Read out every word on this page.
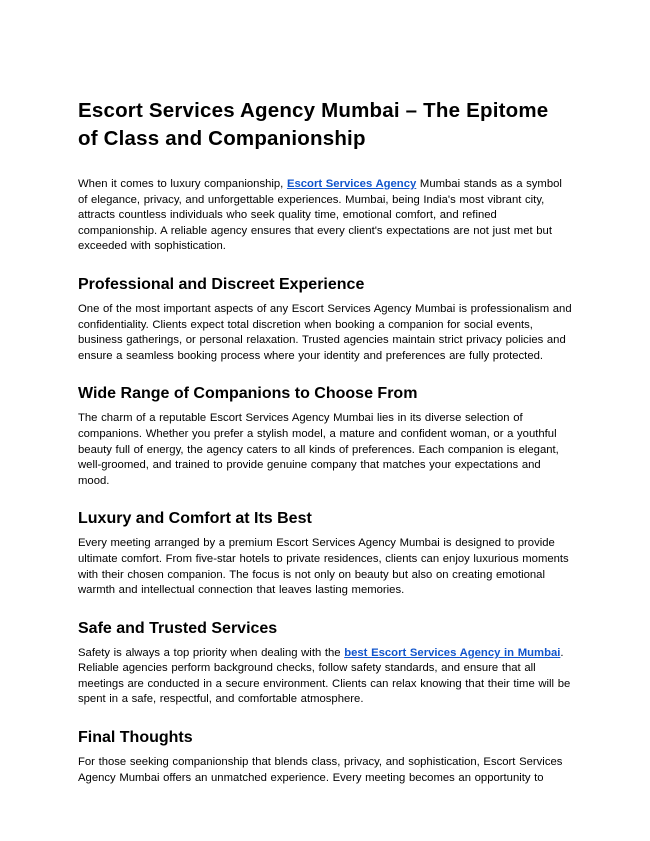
Escort Services Agency Mumbai – The Epitome of Class and Companionship

When it comes to luxury companionship, Escort Services Agency Mumbai stands as a symbol of elegance, privacy, and unforgettable experiences. Mumbai, being India's most vibrant city, attracts countless individuals who seek quality time, emotional comfort, and refined companionship. A reliable agency ensures that every client's expectations are not just met but exceeded with sophistication.

Professional and Discreet Experience

One of the most important aspects of any Escort Services Agency Mumbai is professionalism and confidentiality. Clients expect total discretion when booking a companion for social events, business gatherings, or personal relaxation. Trusted agencies maintain strict privacy policies and ensure a seamless booking process where your identity and preferences are fully protected.

Wide Range of Companions to Choose From

The charm of a reputable Escort Services Agency Mumbai lies in its diverse selection of companions. Whether you prefer a stylish model, a mature and confident woman, or a youthful beauty full of energy, the agency caters to all kinds of preferences. Each companion is elegant, well-groomed, and trained to provide genuine company that matches your expectations and mood.

Luxury and Comfort at Its Best

Every meeting arranged by a premium Escort Services Agency Mumbai is designed to provide ultimate comfort. From five-star hotels to private residences, clients can enjoy luxurious moments with their chosen companion. The focus is not only on beauty but also on creating emotional warmth and intellectual connection that leaves lasting memories.

Safe and Trusted Services

Safety is always a top priority when dealing with the best Escort Services Agency in Mumbai. Reliable agencies perform background checks, follow safety standards, and ensure that all meetings are conducted in a secure environment. Clients can relax knowing that their time will be spent in a safe, respectful, and comfortable atmosphere.

Final Thoughts

For those seeking companionship that blends class, privacy, and sophistication, Escort Services Agency Mumbai offers an unmatched experience. Every meeting becomes an opportunity to
